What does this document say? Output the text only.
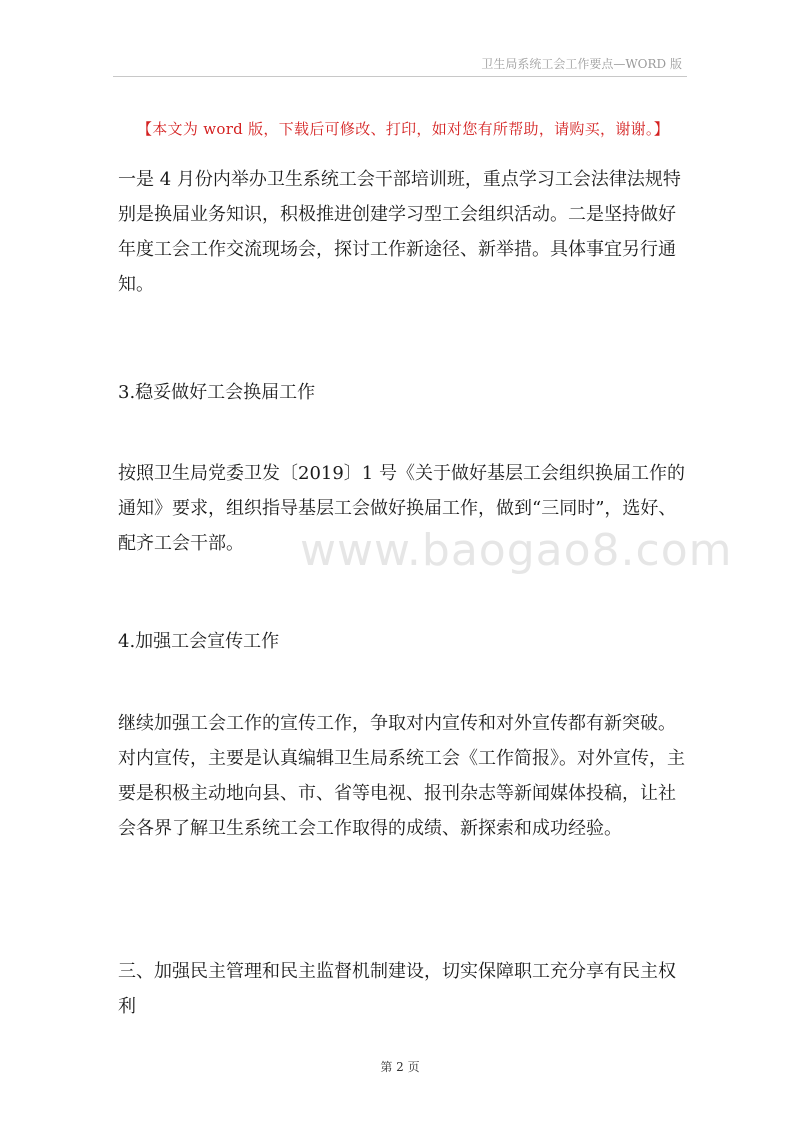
卫生局系统工会工作要点—WORD 版
【本文为 word 版，下载后可修改、打印，如对您有所帮助，请购买，谢谢。】

一是 4 月份内举办卫生系统工会干部培训班，重点学习工会法律法规特别是换届业务知识，积极推进创建学习型工会组织活动。二是坚持做好年度工会工作交流现场会，探讨工作新途径、新举措。具体事宜另行通知。

3.稳妥做好工会换届工作

按照卫生局党委卫发〔2019〕1 号《关于做好基层工会组织换届工作的通知》要求，组织指导基层工会做好换届工作，做到“三同时”，选好、配齐工会干部。

4.加强工会宣传工作

继续加强工会工作的宣传工作，争取对内宣传和对外宣传都有新突破。对内宣传，主要是认真编辑卫生局系统工会《工作简报》。对外宣传，主要是积极主动地向县、市、省等电视、报刊杂志等新闻媒体投稿，让社会各界了解卫生系统工会工作取得的成绩、新探索和成功经验。

三、加强民主管理和民主监督机制建设，切实保障职工充分享有民主权利

www.baogao8.com
第 2 页
